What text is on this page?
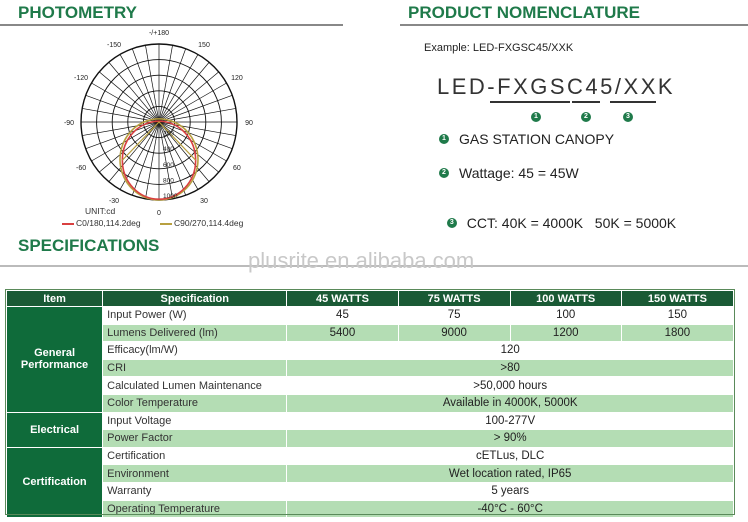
PHOTOMETRY	PRODUCT NOMENCLATURE
-/+180
-150	150
-120	120
-90	90
-60	60
-30	30
0
200
400
600
800
1000
UNIT:cd
C0/180,114.2deg	C90/270,114.4deg
Example: LED-FXGSC45/XXK
LED-FXGSC45/XXK
1	2	3
1 GAS STATION CANOPY
2 Wattage: 45 = 45W

3 CCT: 40K = 4000K   50K = 5000K

SPECIFICATIONS
plusrite.en.alibaba.com
Item	Specification	45 WATTS	75 WATTS	100 WATTS	150 WATTS
General Performance	Input Power (W)	45	75	100	150
	Lumens Delivered (lm)	5400	9000	1200	1800
	Efficacy(lm/W)	120			
	CRI	>80			
	Calculated Lumen Maintenance	>50,000 hours			
	Color Temperature	Available in 4000K, 5000K			
Electrical	Input Voltage	100-277V			
	Power Factor	> 90%			
Certification	Certification	cETLus, DLC			
	Environment	Wet location rated, IP65			
	Warranty	5 years			
	Operating Temperature	-40°C - 60°C			
